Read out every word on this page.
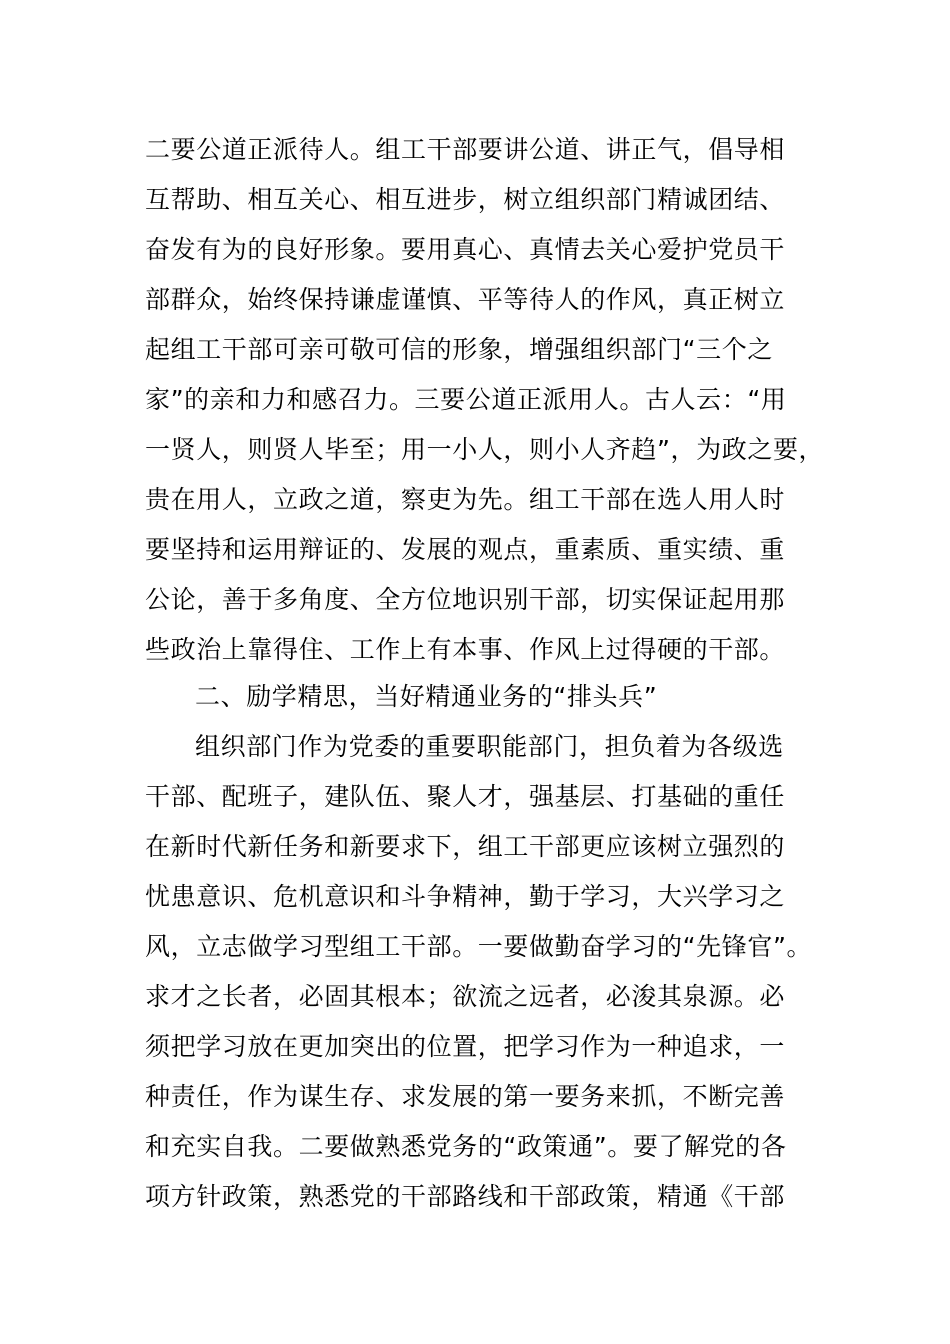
二要公道正派待人。组工干部要讲公道、讲正气，倡导相
互帮助、相互关心、相互进步，树立组织部门精诚团结、
奋发有为的良好形象。要用真心、真情去关心爱护党员干
部群众，始终保持谦虚谨慎、平等待人的作风，真正树立
起组工干部可亲可敬可信的形象，增强组织部门“三个之
家”的亲和力和感召力。三要公道正派用人。古人云：“用
一贤人，则贤人毕至；用一小人，则小人齐趋”，为政之要，
贵在用人，立政之道，察吏为先。组工干部在选人用人时
要坚持和运用辩证的、发展的观点，重素质、重实绩、重
公论，善于多角度、全方位地识别干部，切实保证起用那
些政治上靠得住、工作上有本事、作风上过得硬的干部。
二、励学精思，当好精通业务的“排头兵”
组织部门作为党委的重要职能部门，担负着为各级选
干部、配班子，建队伍、聚人才，强基层、打基础的重任
在新时代新任务和新要求下，组工干部更应该树立强烈的
忧患意识、危机意识和斗争精神，勤于学习，大兴学习之
风，立志做学习型组工干部。一要做勤奋学习的“先锋官”。
求才之长者，必固其根本；欲流之远者，必浚其泉源。必
须把学习放在更加突出的位置，把学习作为一种追求，一
种责任，作为谋生存、求发展的第一要务来抓，不断完善
和充实自我。二要做熟悉党务的“政策通”。要了解党的各
项方针政策，熟悉党的干部路线和干部政策，精通《干部
